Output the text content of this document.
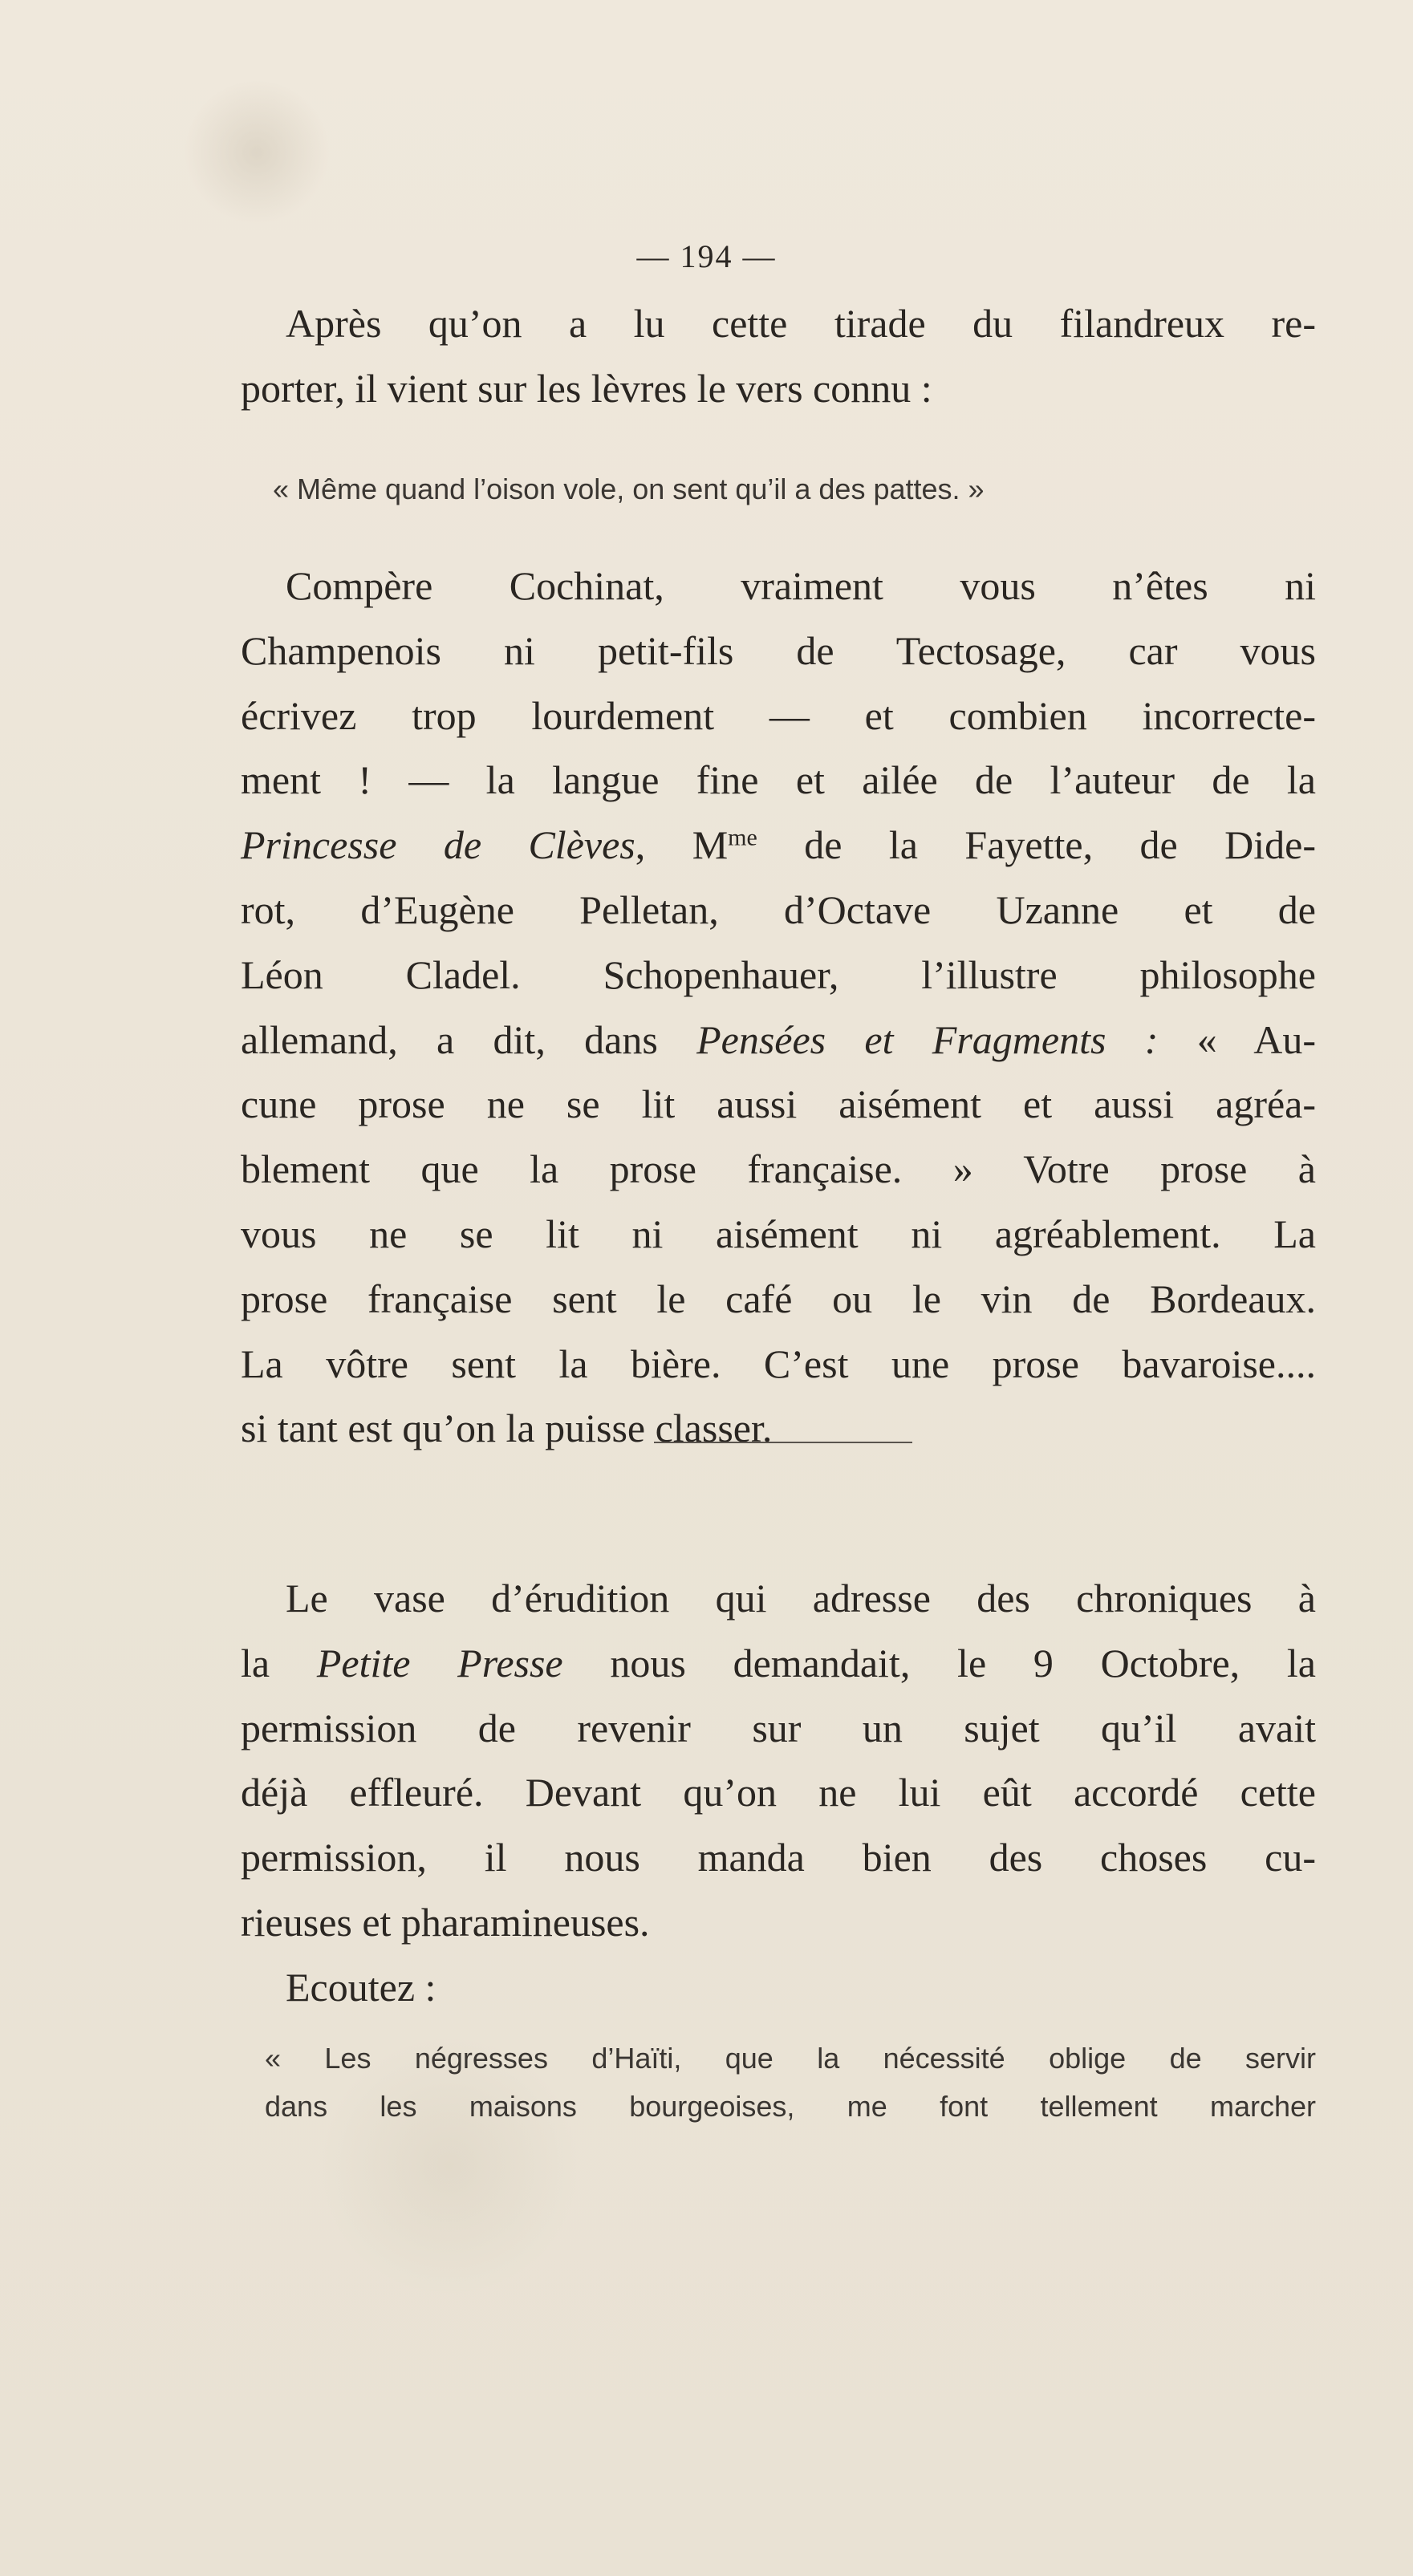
— 194 —

Après qu’on a lu cette tirade du filandreux re-
porter, il vient sur les lèvres le vers connu :

« Même quand l’oison vole, on sent qu’il a des pattes. »

Compère Cochinat, vraiment vous n’êtes ni
Champenois ni petit-fils de Tectosage, car vous
écrivez trop lourdement — et combien incorrecte-
ment ! — la langue fine et ailée de l’auteur de la
Princesse de Clèves, $M^{me}$ de la Fayette, de Dide-
rot, d’Eugène Pelletan, d’Octave Uzanne et de
Léon Cladel. Schopenhauer, l’illustre philosophe
allemand, a dit, dans Pensées et Fragments : « Au-
cune prose ne se lit aussi aisément et aussi agréa-
blement que la prose française. » Votre prose à
vous ne se lit ni aisément ni agréablement. La
prose française sent le café ou le vin de Bordeaux.
La vôtre sent la bière. C’est une prose bavaroise....
si tant est qu’on la puisse classer.

Le vase d’érudition qui adresse des chroniques à
la Petite Presse nous demandait, le 9 Octobre, la
permission de revenir sur un sujet qu’il avait
déjà effleuré. Devant qu’on ne lui eût accordé cette
permission, il nous manda bien des choses cu-
rieuses et pharamineuses.
Ecoutez :

« Les négresses d’Haïti, que la nécessité oblige de servir
dans les maisons bourgeoises, me font tellement marcher
